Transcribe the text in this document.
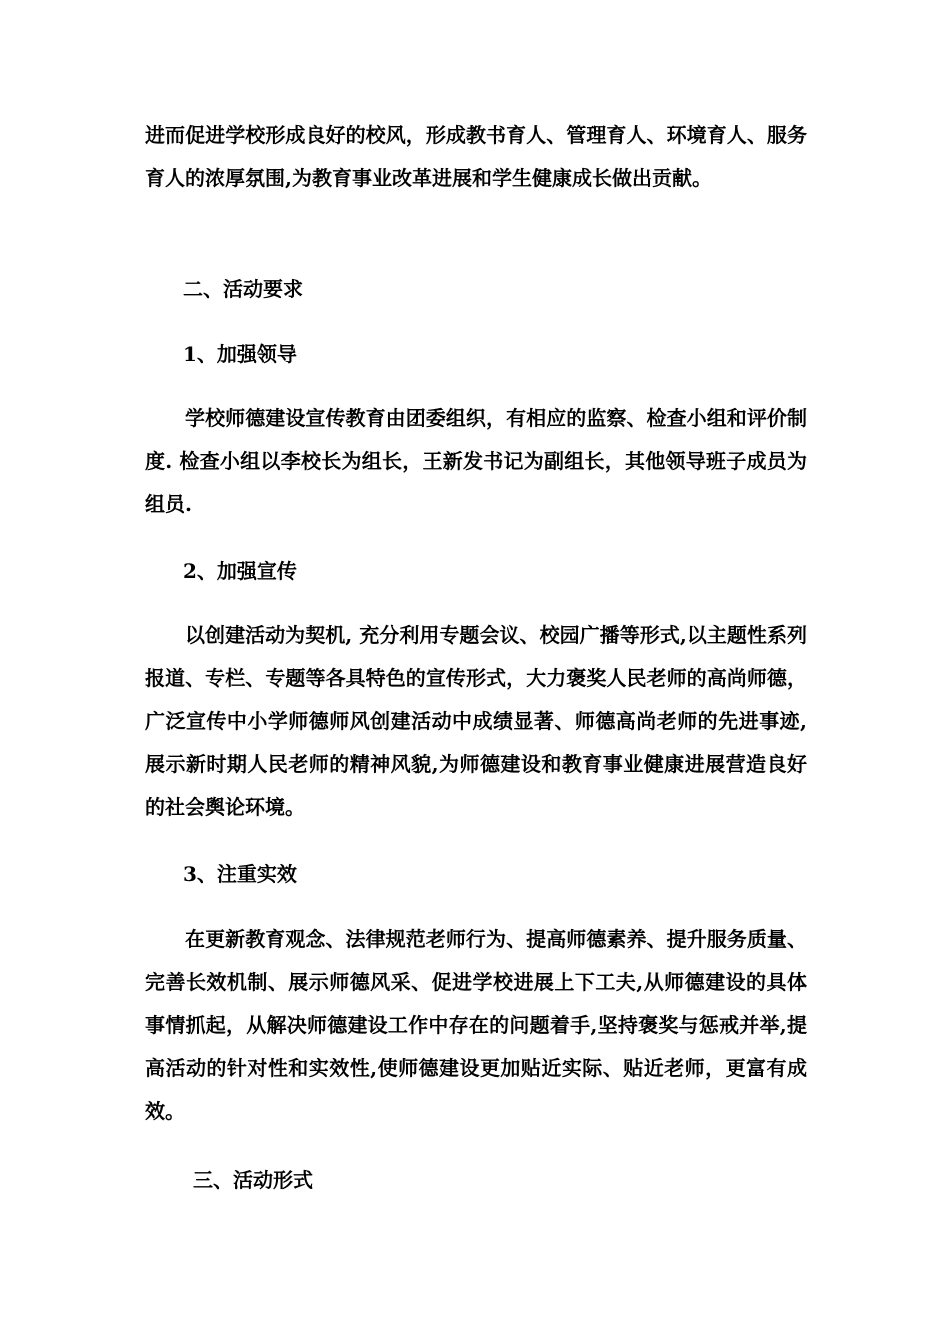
进而促进学校形成良好的校风，形成教书育人、管理育人、环境育人、服务育人的浓厚氛围,为教育事业改革进展和学生健康成长做出贡献。

二、活动要求

1、加强领导

学校师德建设宣传教育由团委组织，有相应的监察、检查小组和评价制度. 检查小组以李校长为组长，王新发书记为副组长，其他领导班子成员为组员.

2、加强宣传

以创建活动为契机, 充分利用专题会议、校园广播等形式,以主题性系列报道、专栏、专题等各具特色的宣传形式，大力褒奖人民老师的高尚师德，广泛宣传中小学师德师风创建活动中成绩显著、师德高尚老师的先进事迹,展示新时期人民老师的精神风貌,为师德建设和教育事业健康进展营造良好的社会舆论环境。

3、注重实效

在更新教育观念、法律规范老师行为、提高师德素养、提升服务质量、完善长效机制、展示师德风采、促进学校进展上下工夫,从师德建设的具体事情抓起，从解决师德建设工作中存在的问题着手,坚持褒奖与惩戒并举,提高活动的针对性和实效性,使师德建设更加贴近实际、贴近老师，更富有成效。

三、活动形式
